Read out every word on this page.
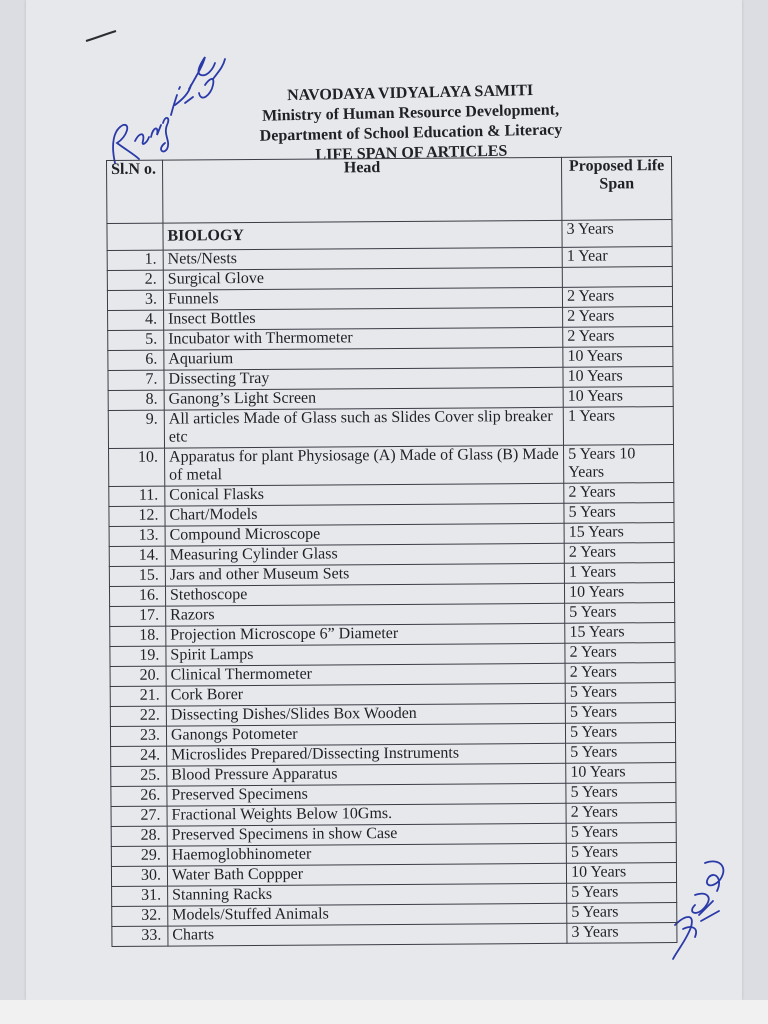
NAVODAYA VIDYALAYA SAMITI
Ministry of Human Resource Development,
Department of School Education & Literacy
LIFE SPAN OF ARTICLES
Sl.N o.	Head	Proposed Life Span
	BIOLOGY	3 Years
1.	Nets/Nests	1 Year
2.	Surgical Glove	
3.	Funnels	2 Years
4.	Insect Bottles	2 Years
5.	Incubator with Thermometer	2 Years
6.	Aquarium	10 Years
7.	Dissecting Tray	10 Years
8.	Ganong’s Light Screen	10 Years
9.	All articles Made of Glass such as Slides Cover slip breaker etc	1 Years
10.	Apparatus for plant Physiosage (A) Made of Glass (B) Made of metal	5 Years 10 Years
11.	Conical Flasks	2 Years
12.	Chart/Models	5 Years
13.	Compound Microscope	15 Years
14.	Measuring Cylinder Glass	2 Years
15.	Jars and other Museum Sets	1 Years
16.	Stethoscope	10 Years
17.	Razors	5 Years
18.	Projection Microscope 6” Diameter	15 Years
19.	Spirit Lamps	2 Years
20.	Clinical Thermometer	2 Years
21.	Cork Borer	5 Years
22.	Dissecting Dishes/Slides Box Wooden	5 Years
23.	Ganongs Potometer	5 Years
24.	Microslides Prepared/Dissecting Instruments	5 Years
25.	Blood Pressure Apparatus	10 Years
26.	Preserved Specimens	5 Years
27.	Fractional Weights Below 10Gms.	2 Years
28.	Preserved Specimens in show Case	5 Years
29.	Haemoglobhinometer	5 Years
30.	Water Bath Coppper	10 Years
31.	Stanning Racks	5 Years
32.	Models/Stuffed Animals	5 Years
33.	Charts	3 Years
